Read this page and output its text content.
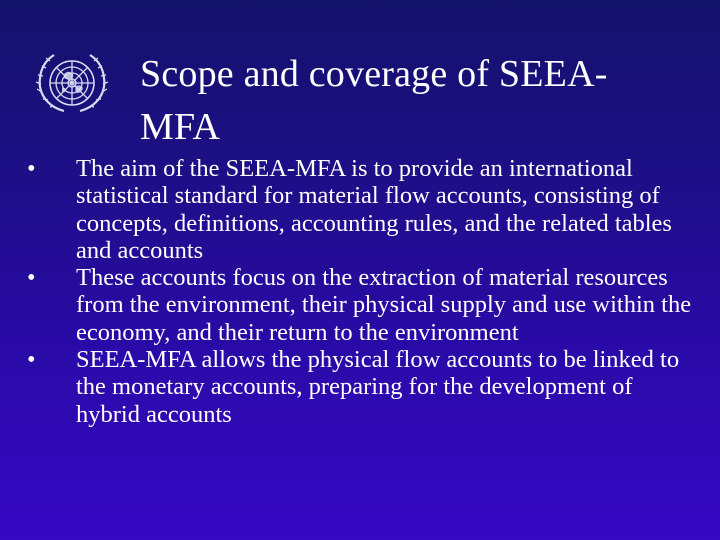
Scope and coverage of SEEA-MFA
• The aim of the SEEA-MFA is to provide an international statistical standard for material flow accounts, consisting of concepts, definitions, accounting rules, and the related tables and accounts
• These accounts focus on the extraction of material resources from the environment, their physical supply and use within the economy, and their return to the environment
• SEEA-MFA allows the physical flow accounts to be linked to the monetary accounts, preparing for the development of hybrid accounts
